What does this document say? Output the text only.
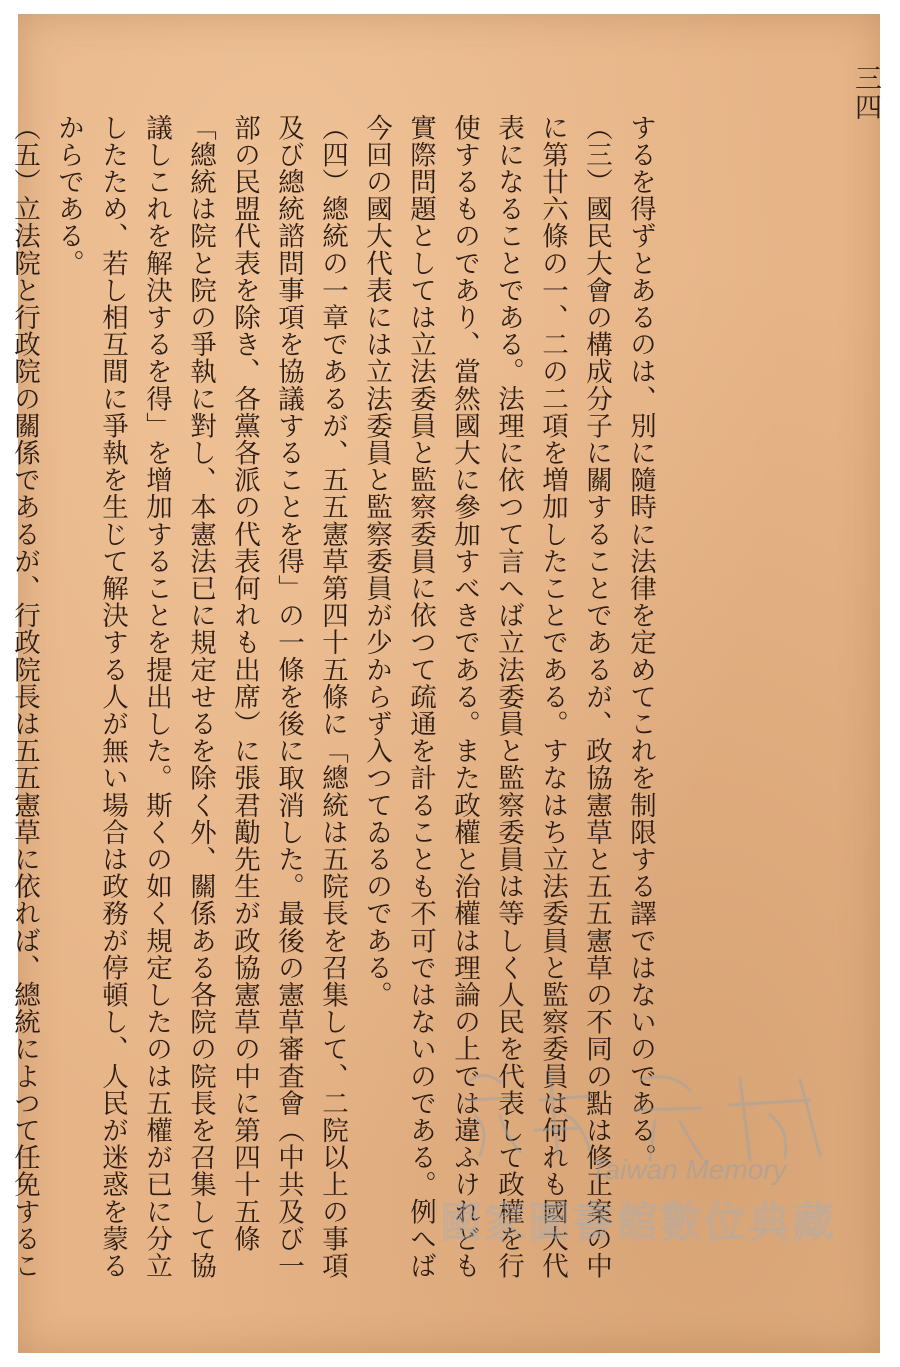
三四

するを得ずとあるのは、別に隨時に法律を定めてこれを制限する譯ではないのである。

（三）國民大會の構成分子に關することであるが、政協憲草と五五憲草の不同の點は修正案の中に第廿六條の一、二の二項を増加したことである。すなはち立法委員と監察委員は何れも國大代表になることである。法理に依つて言へば立法委員と監察委員は等しく人民を代表して政權を行使するものであり、當然國大に參加すべきである。また政權と治權は理論の上では違ふけれども實際問題としては立法委員と監察委員に依つて疏通を計ることも不可ではないのである。例へば今回の國大代表には立法委員と監察委員が少からず入つてゐるのである。

（四）總統の一章であるが、五五憲草第四十五條に「總統は五院長を召集して、二院以上の事項及び總統諮問事項を協議することを得」の一條を後に取消した。最後の憲草審査會（中共及び一部の民盟代表を除き、各黨各派の代表何れも出席）に張君勱先生が政協憲草の中に第四十五條「總統は院と院の爭執に對し、本憲法已に規定せるを除く外、關係ある各院の院長を召集して協議しこれを解決するを得」を增加することを提出した。斯くの如く規定したのは五權が已に分立したため、若し相互間に爭執を生じて解決する人が無い場合は政務が停頓し、人民が迷惑を蒙るからである。

（五）立法院と行政院の關係であるが、行政院長は五五憲草に依れば、總統によつて任免するこ

Taiwan Memory
